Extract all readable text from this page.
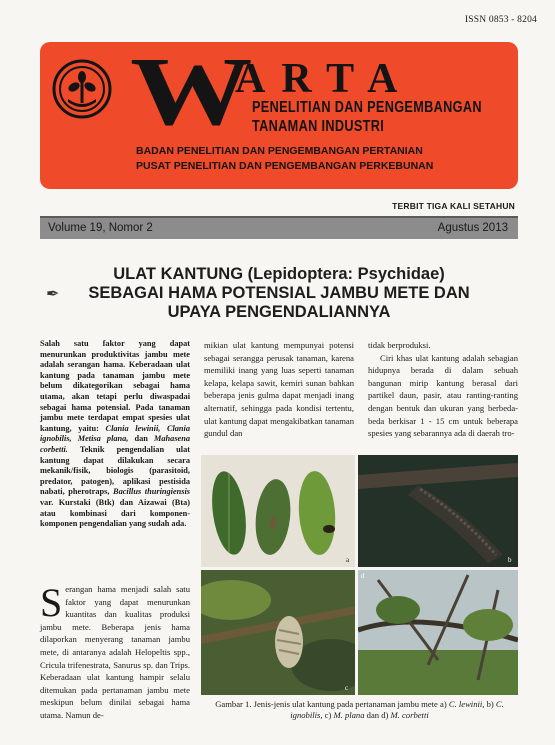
ISSN 0853 - 8204
W
ARTA
PENELITIAN DAN PENGEMBANGAN
TANAMAN INDUSTRI
BADAN PENELITIAN DAN PENGEMBANGAN PERTANIAN
PUSAT PENELITIAN DAN PENGEMBANGAN PERKEBUNAN
TERBIT TIGA KALI SETAHUN
Volume 19, Nomor 2	Agustus 2013
✒
ULAT KANTUNG (Lepidoptera: Psychidae)
SEBAGAI HAMA POTENSIAL JAMBU METE DAN
UPAYA PENGENDALIANNYA
Salah satu faktor yang dapat menurunkan produktivitas jambu mete adalah serangan hama. Keberadaan ulat kantung pada tanaman jambu mete belum dikategorikan sebagai hama utama, akan tetapi perlu diwaspadai sebagai hama potensial. Pada tanaman jambu mete terdapat empat spesies ulat kantung, yaitu: Clania lewinii, Clania ignobilis, Metisa plana, dan Mahasena corbetti. Teknik pengendalian ulat kantung dapat dilakukan secara mekanik/fisik, biologis (parasitoid, predator, patogen), aplikasi pestisida nabati, pherotraps, Bacillus thuringiensis var. Kurstaki (Btk) dan Aizawai (Bta) atau kombinasi dari komponen-komponen pengendalian yang sudah ada.
Serangan hama menjadi salah satu faktor yang dapat menurunkan kuantitas dan kualitas produksi jambu mete. Beberapa jenis hama dilaporkan menyerang tanaman jambu mete, di antaranya adalah Helopeltis spp., Cricula trifenestrata, Sanurus sp. dan Trips. Keberadaan ulat kantung hampir selalu ditemukan pada pertanaman jambu mete meskipun belum dinilai sebagai hama utama. Namun de-
mikian ulat kantung mempunyai potensi sebagai serangga perusak tanaman, karena memiliki inang yang luas seperti tanaman kelapa, kelapa sawit, kemiri sunan bahkan beberapa jenis gulma dapat menjadi inang alternatif, sehingga pada kondisi tertentu, ulat kantung dapat mengakibatkan tanaman gundul dan
tidak berproduksi.
Ciri khas ulat kantung adalah sebagian hidupnya berada di dalam sebuah bangunan mirip kantung berasal dari partikel daun, pasir, atau ranting-ranting dengan bentuk dan ukuran yang berbeda-beda berkisar 1 - 15 cm untuk beberapa spesies yang sebarannya ada di daerah tro-
a	b
c
d
Gambar 1. Jenis-jenis ulat kantung pada pertanaman jambu mete a) C. lewinii, b) C. ignobilis, c) M. plana dan d) M. corbetti
